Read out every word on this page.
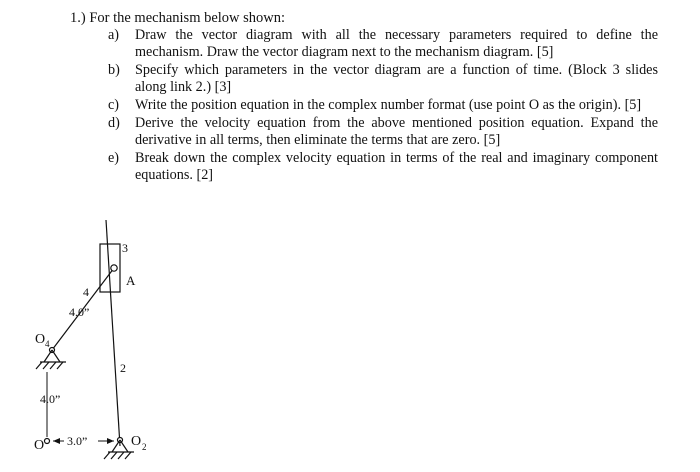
1.) For the mechanism below shown:
a)	Draw the vector diagram with all the necessary parameters required to define the mechanism. Draw the vector diagram next to the mechanism diagram. [5]
b)	Specify which parameters in the vector diagram are a function of time. (Block 3 slides along link 2.) [3]
c)	Write the position equation in the complex number format (use point O as the origin). [5]
d)	Derive the velocity equation from the above mentioned position equation. Expand the derivative in all terms, then eliminate the terms that are zero. [5]
e)	Break down the complex velocity equation in terms of the real and imaginary component equations. [2]
3
A
4
4.0”
O 4
2
4.0”
O 3.0”	O 2
